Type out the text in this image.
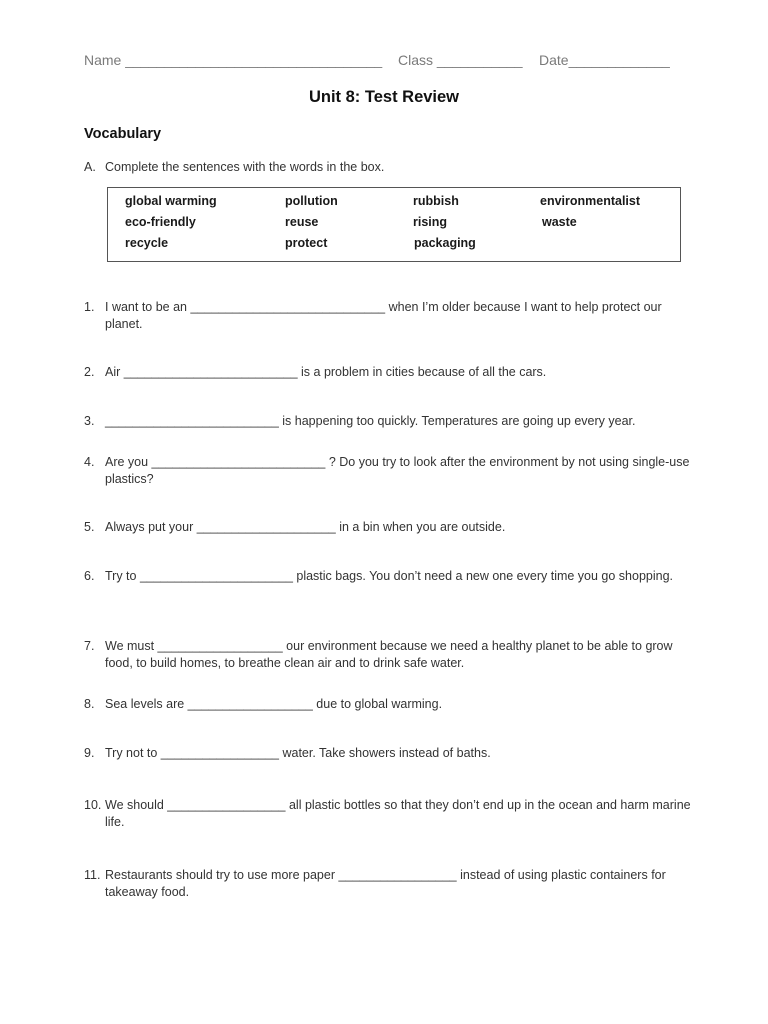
Name _________________________________ Class ___________ Date_____________
Unit 8: Test Review
Vocabulary
A. Complete the sentences with the words in the box.
global warming	pollution	rubbish	environmentalist
eco-friendly	reuse	rising	waste
recycle	protect	packaging
1. I want to be an ____________________________ when I’m older because I want to help protect our planet.
2. Air _________________________ is a problem in cities because of all the cars.
3. _________________________ is happening too quickly. Temperatures are going up every year.
4. Are you _________________________ ? Do you try to look after the environment by not using single-use plastics?
5. Always put your ____________________ in a bin when you are outside.
6. Try to ______________________ plastic bags. You don’t need a new one every time you go shopping.
7. We must __________________ our environment because we need a healthy planet to be able to grow food, to build homes, to breathe clean air and to drink safe water.
8. Sea levels are __________________ due to global warming.
9. Try not to _________________ water. Take showers instead of baths.
10. We should _________________ all plastic bottles so that they don’t end up in the ocean and harm marine life.
11. Restaurants should try to use more paper _________________ instead of using plastic containers for takeaway food.
